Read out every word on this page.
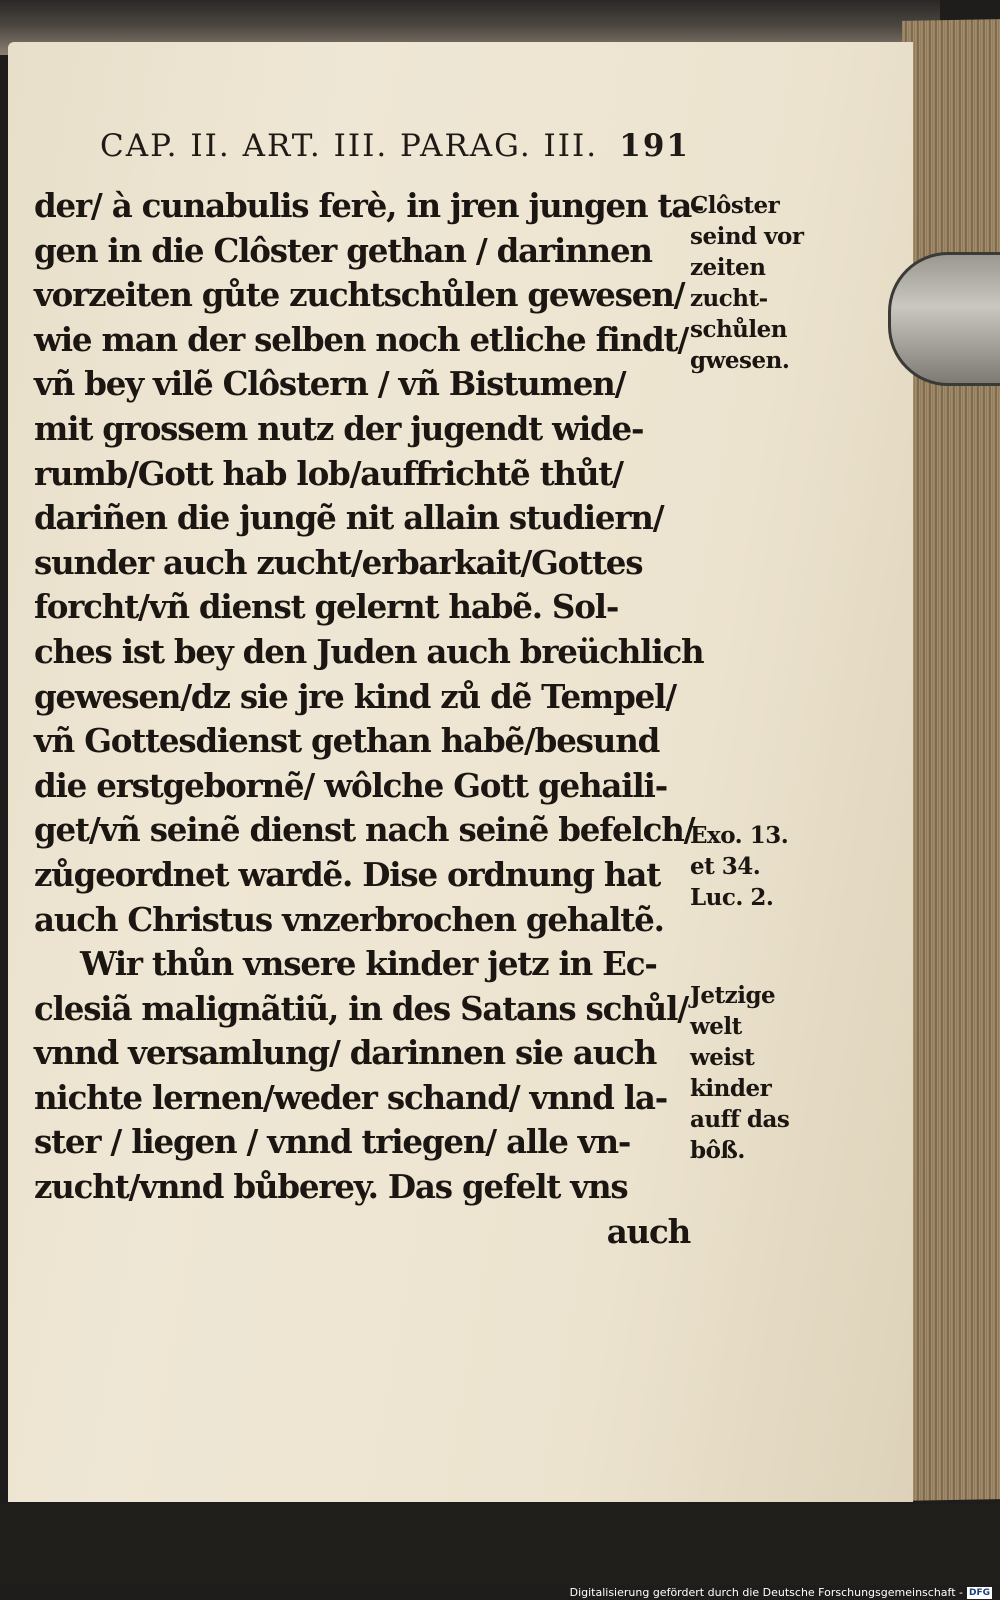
CAP. II. ART. III. PARAG. III. 191
der/ à cunabulis ferè, in jren jungen ta-
gen in die Clôster gethan / darinnen
vorzeiten gůte zuchtschůlen gewesen/
wie man der selben noch etliche findt/
vñ bey vilẽ Clôstern / vñ Bistumen/
mit grossem nutz der jugendt wide-
rumb/Gott hab lob/auffrichtẽ thůt/
dariñen die jungẽ nit allain studiern/
sunder auch zucht/erbarkait/Gottes
forcht/vñ dienst gelernt habẽ. Sol-
ches ist bey den Juden auch breüchlich
gewesen/dz sie jre kind zů dẽ Tempel/
vñ Gottesdienst gethan habẽ/besund
die erstgebornẽ/ wôlche Gott gehaili-
get/vñ seinẽ dienst nach seinẽ befelch/
zůgeordnet wardẽ. Dise ordnung hat
auch Christus vnzerbrochen gehaltẽ.
Wir thůn vnsere kinder jetz in Ec-
clesiã malignãtiũ, in des Satans schůl/
vnnd versamlung/ darinnen sie auch
nichte lernen/weder schand/ vnnd la-
ster / liegen / vnnd triegen/ alle vn-
zucht/vnnd bůberey. Das gefelt vns
auch
Clôster
seind vor
zeiten
zucht-
schůlen
gwesen.
Exo. 13.
et 34.
Luc. 2.
Jetzige
welt
weist
kinder
auff das
bôß.
Digitalisierung gefördert durch die Deutsche Forschungsgemeinschaft - DFG
